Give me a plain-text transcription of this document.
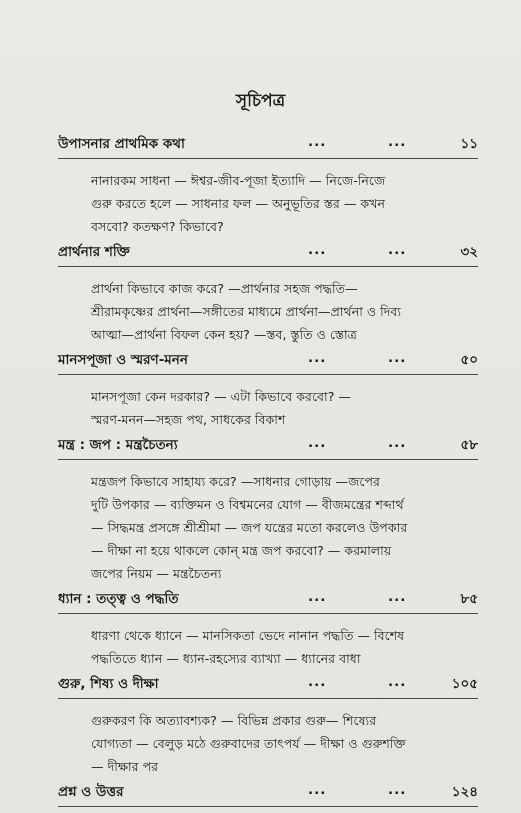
সূচিপত্র
উপাসনার প্রাথমিক কথা	...	...	১১
নানারকম সাধনা — ঈশ্বর-জীব-পূজা ইত্যাদি — নিজে-নিজে
গুরু করতে হলে — সাধনার ফল — অনুভূতির স্তর — কখন
বসবো? কতক্ষণ? কিভাবে?
প্রার্থনার শক্তি	...	...	৩২
প্রার্থনা কিভাবে কাজ করে? —প্রার্থনার সহজ পদ্ধতি—
শ্রীরামকৃষ্ণের প্রার্থনা—সঙ্গীতের মাধ্যমে প্রার্থনা—প্রার্থনা ও দিব্য
আত্মা—প্রার্থনা বিফল কেন হয়? —স্তব, স্তুতি ও স্তোত্র
মানসপূজা ও স্মরণ-মনন	...	...	৫০
মানসপূজা কেন দরকার? — এটা কিভাবে করবো? —
স্মরণ-মনন—সহজ পথ, সাধকের বিকাশ
মন্ত্র : জপ : মন্ত্রচৈতন্য	...	...	৫৮
মন্ত্রজপ কিভাবে সাহায্য করে? —সাধনার গোড়ায় —জপের
দুটি উপকার — ব্যক্তিমন ও বিশ্বমনের যোগ — বীজমন্ত্রের শব্দার্থ
— সিদ্ধমন্ত্র প্রসঙ্গে শ্রীশ্রীমা — জপ যন্ত্রের মতো করলেও উপকার
— দীক্ষা না হয়ে থাকলে কোন্ মন্ত্র জপ করবো? — করমালায়
জপের নিয়ম — মন্ত্রচৈতন্য
ধ্যান : তত্ত্ব ও পদ্ধতি	...	...	৮৫
ধারণা থেকে ধ্যানে — মানসিকতা ভেদে নানান পদ্ধতি — বিশেষ
পদ্ধতিতে ধ্যান — ধ্যান-রহস্যের ব্যাখ্যা — ধ্যানের বাধা
গুরু, শিষ্য ও দীক্ষা	...	...	১০৫
গুরুকরণ কি অত্যাবশ্যক? — বিভিন্ন প্রকার গুরু— শিষ্যের
যোগ্যতা — বেলুড় মঠে গুরুবাদের তাৎপর্য — দীক্ষা ও গুরুশক্তি
— দীক্ষার পর
প্রশ্ন ও উত্তর	...	...	১২৪
